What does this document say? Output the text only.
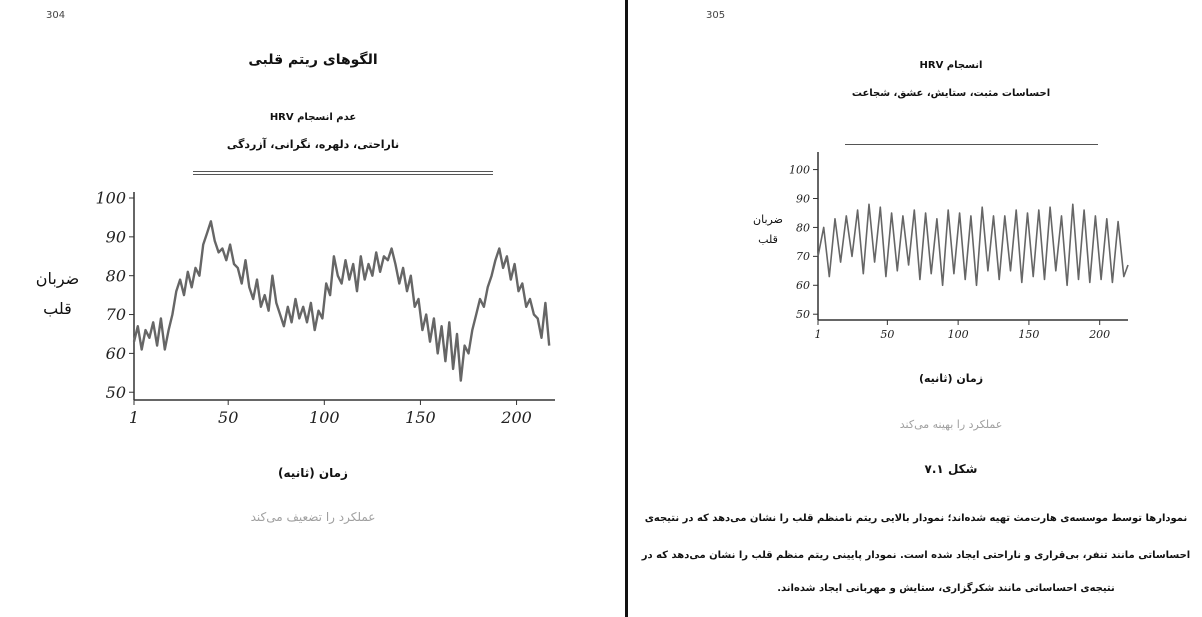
304
الگوهای ریتم قلبی
عدم انسجام HRV
ناراحتی، دلهره، نگرانی، آزردگی
ضربان
قلب
50
60
70
80
90
100
1	50	100	150	200
زمان (ثانیه)
عملکرد را تضعیف می‌کند
305
انسجام HRV
احساسات مثبت، ستایش، عشق، شجاعت
ضربان
قلب
50
60
70
80
90
100
1	50	100	150	200
زمان (ثانیه)
عملکرد را بهینه می‌کند
شکل ۷.۱
نمودارها توسط موسسه‌ی هارت‌مث تهیه شده‌اند؛ نمودار بالایی ریتم نامنظم قلب را نشان می‌دهد که در نتیجه‌ی
احساساتی مانند تنفر، بی‌قراری و ناراحتی ایجاد شده است. نمودار پایینی ریتم منظم قلب را نشان می‌دهد که در
نتیجه‌ی احساساتی مانند شکرگزاری، ستایش و مهربانی ایجاد شده‌اند.
